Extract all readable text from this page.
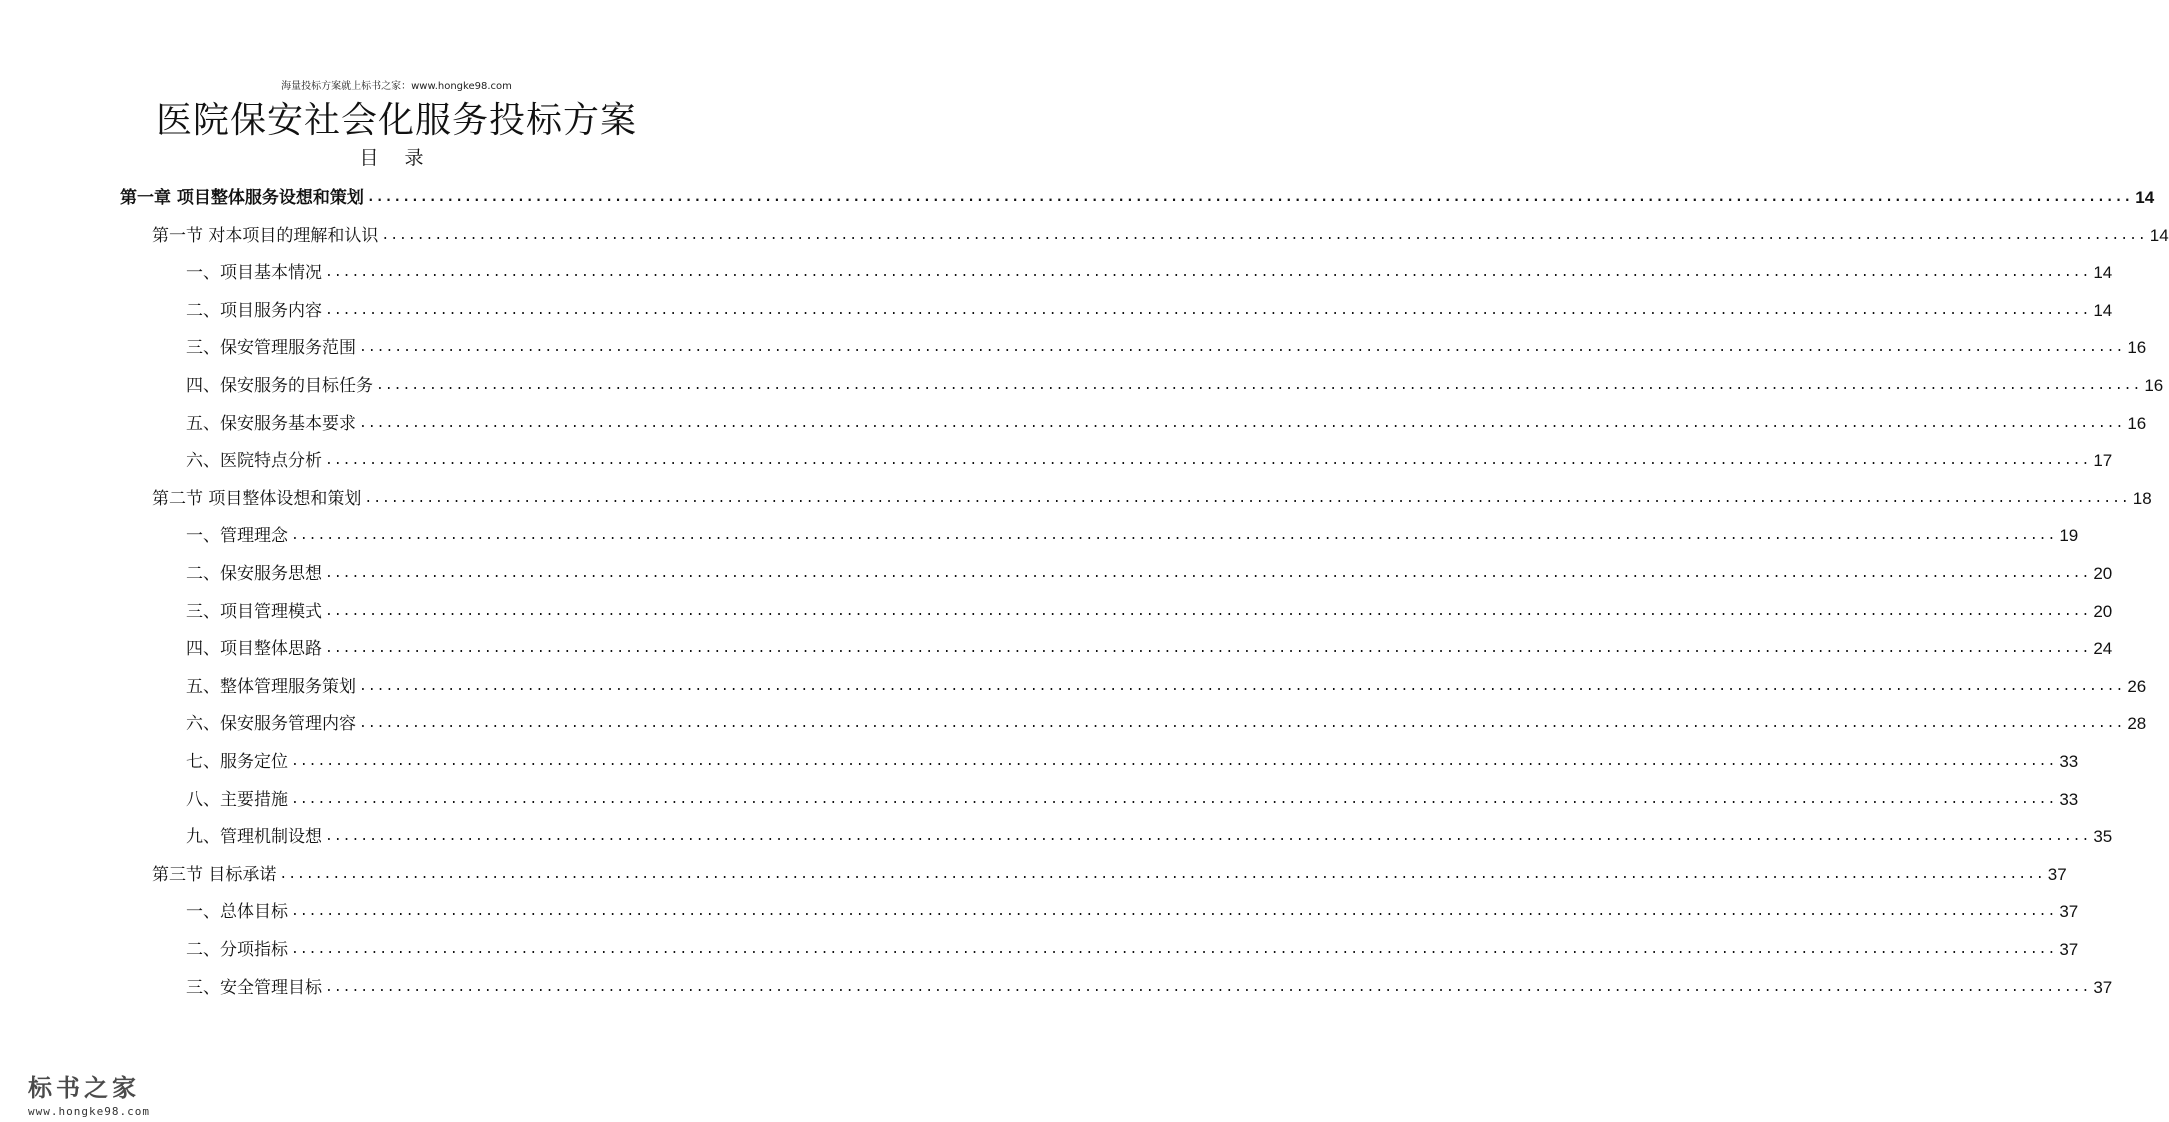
海量投标方案就上标书之家：www.hongke98.com
医院保安社会化服务投标方案
目 录
第一章 项目整体服务设想和策划 ........................................................................................................................................................................................................ 14
第一节 对本项目的理解和认识 ........................................................................................................................................................................................................ 14
一、项目基本情况 ........................................................................................................................................................................................................ 14
二、项目服务内容 ........................................................................................................................................................................................................ 14
三、保安管理服务范围 ........................................................................................................................................................................................................ 16
四、保安服务的目标任务 ........................................................................................................................................................................................................ 16
五、保安服务基本要求 ........................................................................................................................................................................................................ 16
六、医院特点分析 ........................................................................................................................................................................................................ 17
第二节 项目整体设想和策划 ........................................................................................................................................................................................................ 18
一、管理理念 ........................................................................................................................................................................................................ 19
二、保安服务思想 ........................................................................................................................................................................................................ 20
三、项目管理模式 ........................................................................................................................................................................................................ 20
四、项目整体思路 ........................................................................................................................................................................................................ 24
五、整体管理服务策划 ........................................................................................................................................................................................................ 26
六、保安服务管理内容 ........................................................................................................................................................................................................ 28
七、服务定位 ........................................................................................................................................................................................................ 33
八、主要措施 ........................................................................................................................................................................................................ 33
九、管理机制设想 ........................................................................................................................................................................................................ 35
第三节 目标承诺 ........................................................................................................................................................................................................ 37
一、总体目标 ........................................................................................................................................................................................................ 37
二、分项指标 ........................................................................................................................................................................................................ 37
三、安全管理目标 ........................................................................................................................................................................................................ 37
标书之家
www.hongke98.com
